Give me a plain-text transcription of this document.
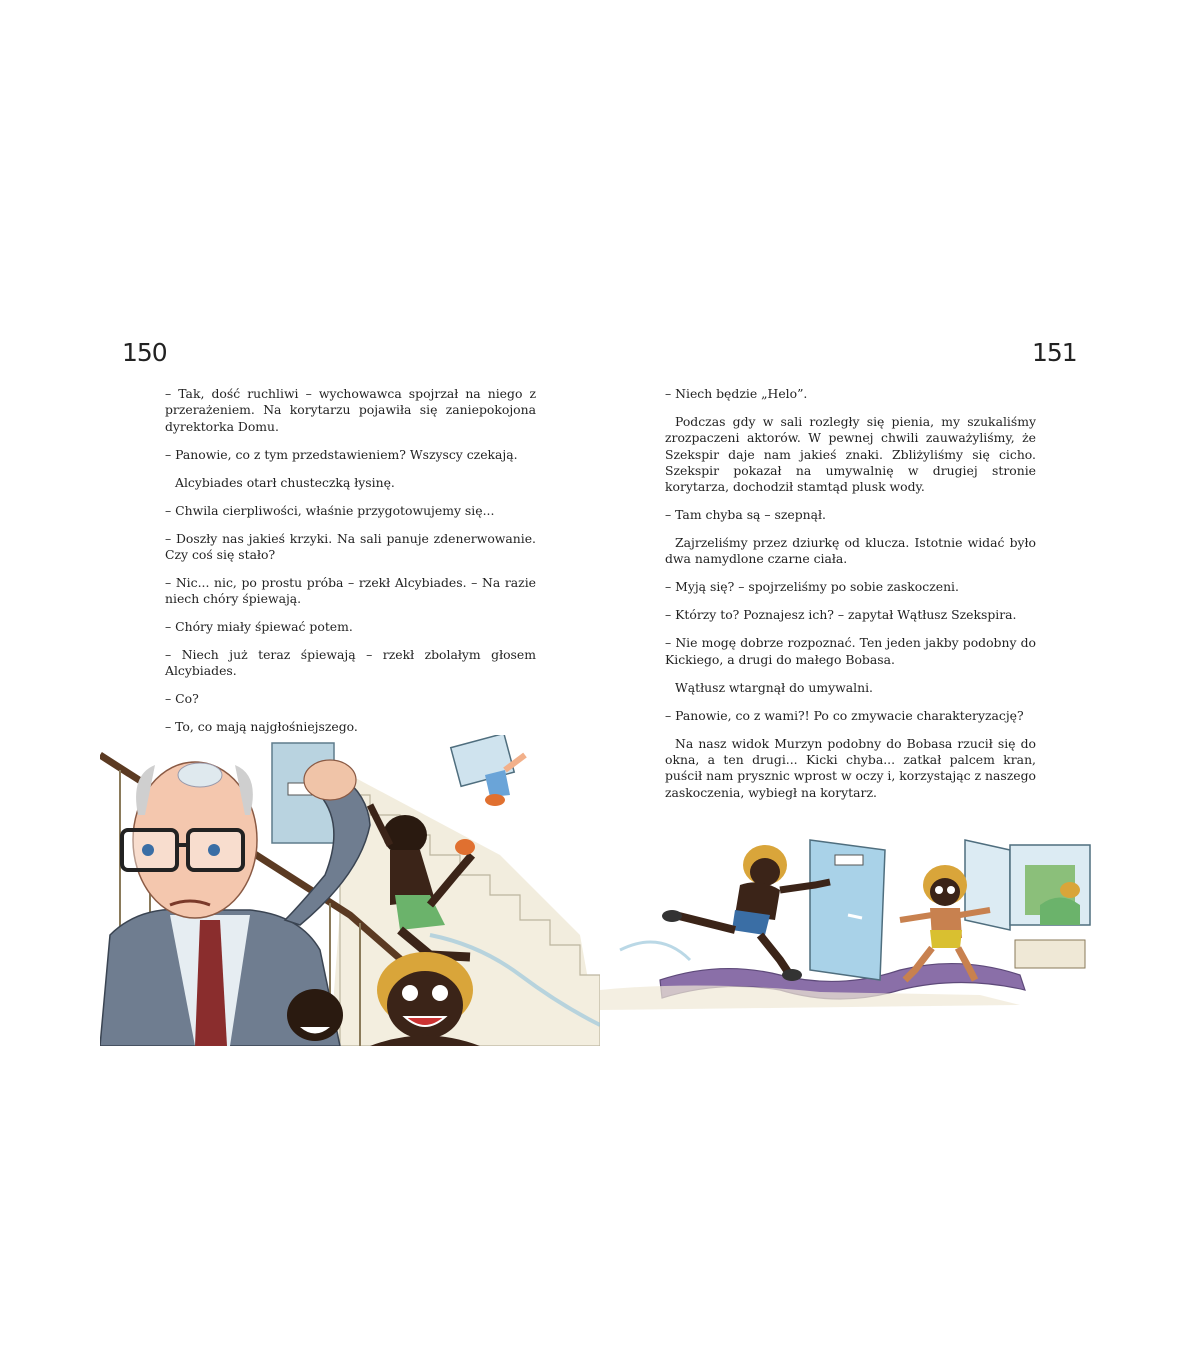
150	151

– Tak, dość ruchliwi – wychowawca spojrzał na niego z przerażeniem. Na korytarzu pojawiła się zaniepokojona dyrektorka Domu.

– Panowie, co z tym przedstawieniem? Wszyscy czekają.

Alcybiades otarł chusteczką łysinę.

– Chwila cierpliwości, właśnie przygotowujemy się...

– Doszły nas jakieś krzyki. Na sali panuje zdenerwowanie. Czy coś się stało?

– Nic... nic, po prostu próba – rzekł Alcybiades. – Na razie niech chóry śpiewają.

– Chóry miały śpiewać potem.

– Niech już teraz śpiewają – rzekł zbolałym głosem Alcybiades.

– Co?

– To, co mają najgłośniejszego.

– Niech będzie „Helo”.

Podczas gdy w sali rozległy się pienia, my szukaliśmy zrozpaczeni aktorów. W pewnej chwili zauważyliśmy, że Szekspir daje nam jakieś znaki. Zbliżyliśmy się cicho. Szekspir pokazał na umywalnię w drugiej stronie korytarza, dochodził stamtąd plusk wody.

– Tam chyba są – szepnął.

Zajrzeliśmy przez dziurkę od klucza. Istotnie widać było dwa namydlone czarne ciała.

– Myją się? – spojrzeliśmy po sobie zaskoczeni.

– Którzy to? Poznajesz ich? – zapytał Wątłusz Szekspira.

– Nie mogę dobrze rozpoznać. Ten jeden jakby podobny do Kickiego, a drugi do małego Bobasa.

Wątłusz wtargnął do umywalni.

– Panowie, co z wami?! Po co zmywacie charakteryzację?

Na nasz widok Murzyn podobny do Bobasa rzucił się do okna, a ten drugi... Kicki chyba... zatkał palcem kran, puścił nam prysznic wprost w oczy i, korzystając z naszego zaskoczenia, wybiegł na korytarz.
